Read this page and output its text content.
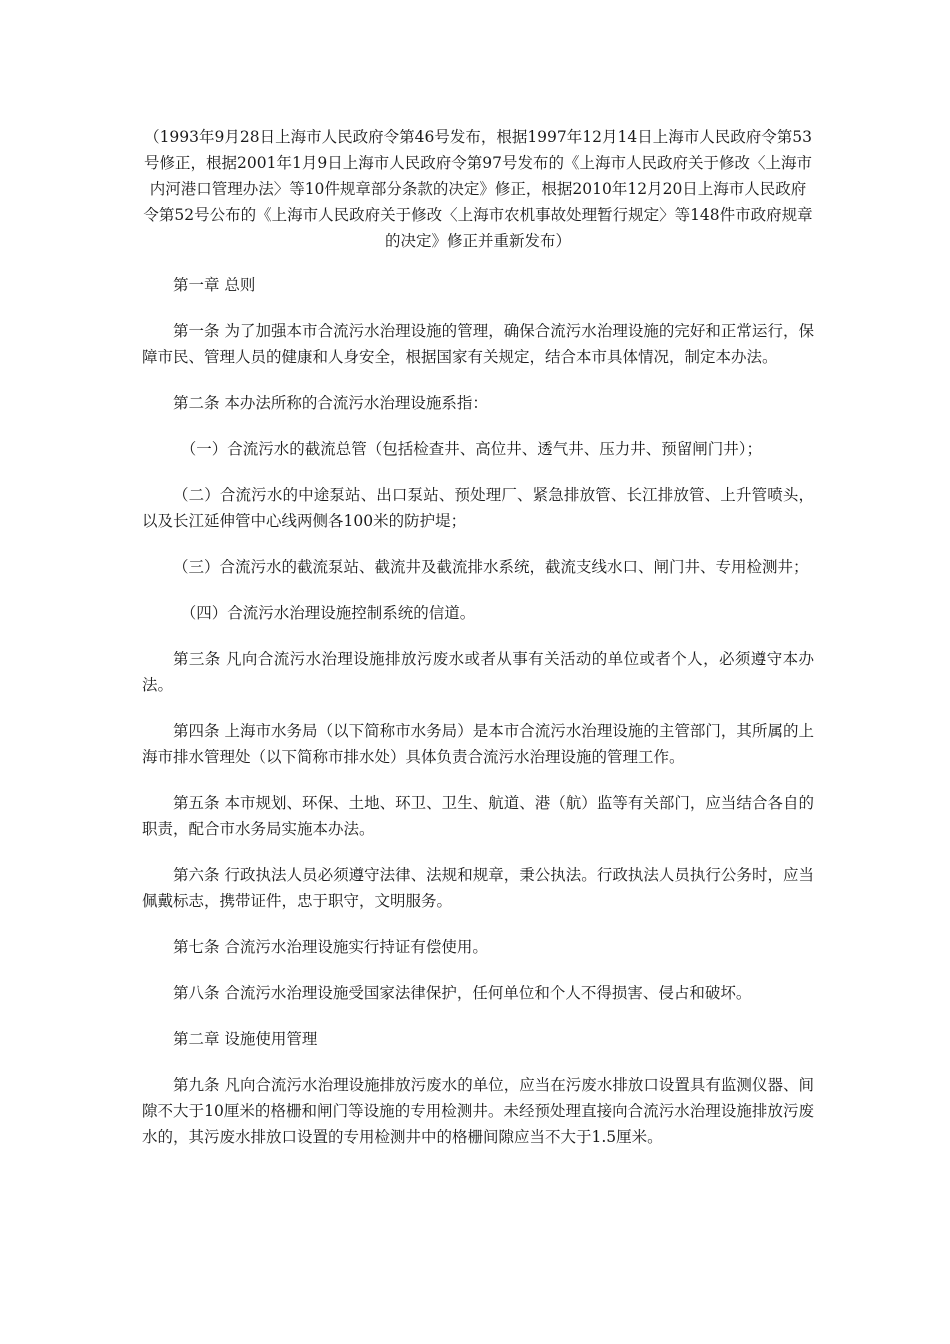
（1993年9月28日上海市人民政府令第46号发布，根据1997年12月14日上海市人民政府令第53号修正，根据2001年1月9日上海市人民政府令第97号发布的《上海市人民政府关于修改〈上海市内河港口管理办法〉等10件规章部分条款的决定》修正，根据2010年12月20日上海市人民政府令第52号公布的《上海市人民政府关于修改〈上海市农机事故处理暂行规定〉等148件市政府规章的决定》修正并重新发布）

第一章 总则

第一条 为了加强本市合流污水治理设施的管理，确保合流污水治理设施的完好和正常运行，保障市民、管理人员的健康和人身安全，根据国家有关规定，结合本市具体情况，制定本办法。

第二条 本办法所称的合流污水治理设施系指：

（一）合流污水的截流总管（包括检查井、高位井、透气井、压力井、预留闸门井）；

（二）合流污水的中途泵站、出口泵站、预处理厂、紧急排放管、长江排放管、上升管喷头，以及长江延伸管中心线两侧各100米的防护堤；

（三）合流污水的截流泵站、截流井及截流排水系统，截流支线水口、闸门井、专用检测井；

（四）合流污水治理设施控制系统的信道。

第三条 凡向合流污水治理设施排放污废水或者从事有关活动的单位或者个人，必须遵守本办法。

第四条 上海市水务局（以下简称市水务局）是本市合流污水治理设施的主管部门，其所属的上海市排水管理处（以下简称市排水处）具体负责合流污水治理设施的管理工作。

第五条 本市规划、环保、土地、环卫、卫生、航道、港（航）监等有关部门，应当结合各自的职责，配合市水务局实施本办法。

第六条 行政执法人员必须遵守法律、法规和规章，秉公执法。行政执法人员执行公务时，应当佩戴标志，携带证件，忠于职守，文明服务。

第七条 合流污水治理设施实行持证有偿使用。

第八条 合流污水治理设施受国家法律保护，任何单位和个人不得损害、侵占和破坏。

第二章 设施使用管理

第九条 凡向合流污水治理设施排放污废水的单位，应当在污废水排放口设置具有监测仪器、间隙不大于10厘米的格栅和闸门等设施的专用检测井。未经预处理直接向合流污水治理设施排放污废水的，其污废水排放口设置的专用检测井中的格栅间隙应当不大于1.5厘米。
